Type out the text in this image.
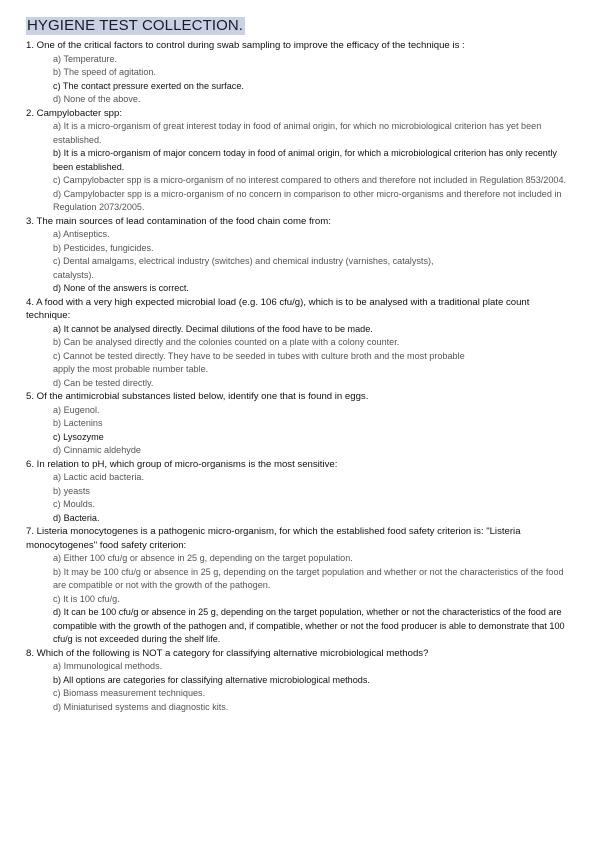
HYGIENE TEST COLLECTION.

1. One of the critical factors to control during swab sampling to improve the efficacy of the technique is :

a) Temperature.

b) The speed of agitation.

c) The contact pressure exerted on the surface.

d) None of the above.

2. Campylobacter spp:

a) It is a micro-organism of great interest today in food of animal origin, for which no microbiological criterion has yet been established.

b) It is a micro-organism of major concern today in food of animal origin, for which a microbiological criterion has only recently been established.

c) Campylobacter spp is a micro-organism of no interest compared to others and therefore not included in Regulation 853/2004.

d) Campylobacter spp is a micro-organism of no concern in comparison to other micro-organisms and therefore not included in Regulation 2073/2005.

3. The main sources of lead contamination of the food chain come from:

a) Antiseptics.

b) Pesticides, fungicides.

c) Dental amalgams, electrical industry (switches) and chemical industry (varnishes, catalysts),

catalysts).

d) None of the answers is correct.

4. A food with a very high expected microbial load (e.g. 106 cfu/g), which is to be analysed with a traditional plate count technique:

a) It cannot be analysed directly. Decimal dilutions of the food have to be made.

b) Can be analysed directly and the colonies counted on a plate with a colony counter.

c) Cannot be tested directly. They have to be seeded in tubes with culture broth and the most probable

apply the most probable number table.

d) Can be tested directly.

5. Of the antimicrobial substances listed below, identify one that is found in eggs.

a) Eugenol.

b) Lactenins

c) Lysozyme

d) Cinnamic aldehyde

6. In relation to pH, which group of micro-organisms is the most sensitive:

a) Lactic acid bacteria.

b) yeasts

c) Moulds.

d) Bacteria.

7. Listeria monocytogenes is a pathogenic micro-organism, for which the established food safety criterion is: "Listeria monocytogenes" food safety criterion:

a) Either 100 cfu/g or absence in 25 g, depending on the target population.

b) It may be 100 cfu/g or absence in 25 g, depending on the target population and whether or not the characteristics of the food are compatible or not with the growth of the pathogen.

c) It is 100 cfu/g.

d) It can be 100 cfu/g or absence in 25 g, depending on the target population, whether or not the characteristics of the food are compatible with the growth of the pathogen and, if compatible, whether or not the food producer is able to demonstrate that 100 cfu/g is not exceeded during the shelf life.

8. Which of the following is NOT a category for classifying alternative microbiological methods?

a) Immunological methods.

b) All options are categories for classifying alternative microbiological methods.

c) Biomass measurement techniques.

d) Miniaturised systems and diagnostic kits.
